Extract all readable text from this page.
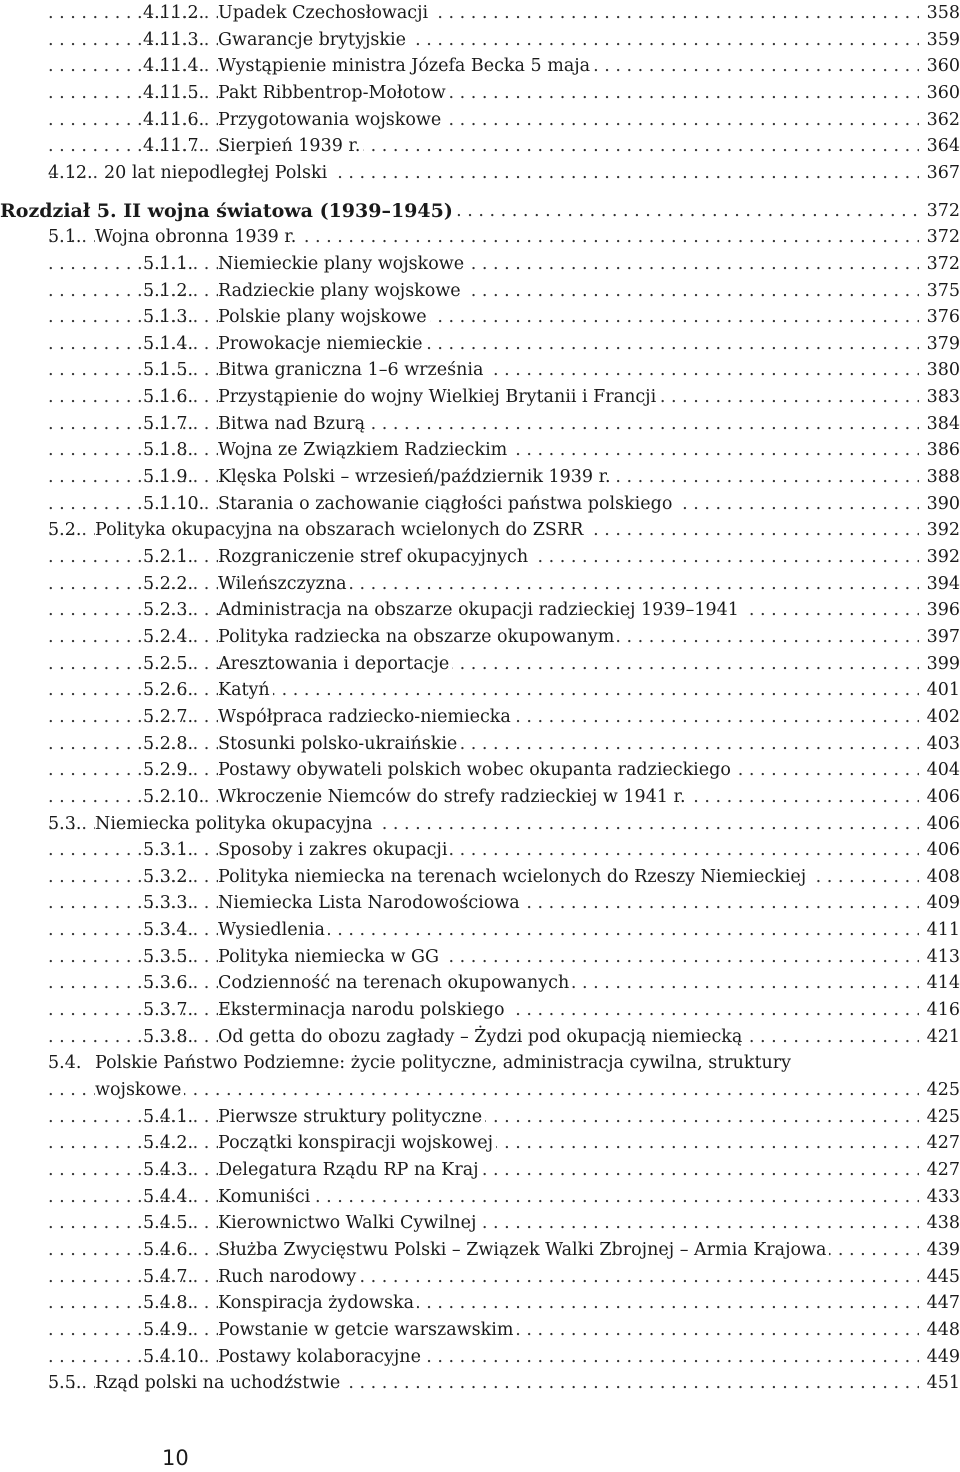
4.11.2. . . . Upadek Czechosłowacji	358
4.11.3. . . . Gwarancje brytyjskie	359
4.11.4. . . . Wystąpienie ministra Józefa Becka 5 maja	360
4.11.5. . . . Pakt Ribbentrop-Mołotow	360
4.11.6. . . . Przygotowania wojskowe	362
4.11.7. . . . Sierpień 1939 r.	364
4.12. . . . 20 lat niepodległej Polski	367
. . .
Rozdział 5. II wojna światowa (1939–1945)	372
5.1. . . . Wojna obronna 1939 r.	372
5.1.1. . . . Niemieckie plany wojskowe	372
5.1.2. . . . Radzieckie plany wojskowe	375
5.1.3. . . . Polskie plany wojskowe	376
5.1.4. . . . Prowokacje niemieckie	379
5.1.5. . . . Bitwa graniczna 1–6 września	380
5.1.6. . . . Przystąpienie do wojny Wielkiej Brytanii i Francji	383
5.1.7. . . . Bitwa nad Bzurą	384
5.1.8. . . . Wojna ze Związkiem Radzieckim	386
5.1.9. . . . Klęska Polski – wrzesień/październik 1939 r.	388
5.1.10. . . . Starania o zachowanie ciągłości państwa polskiego	390
5.2. . . . Polityka okupacyjna na obszarach wcielonych do ZSRR	392
5.2.1. . . . Rozgraniczenie stref okupacyjnych	392
5.2.2. . . . Wileńszczyzna	394
5.2.3. . . . Administracja na obszarze okupacji radzieckiej 1939–1941	396
5.2.4. . . . Polityka radziecka na obszarze okupowanym	397
5.2.5. . . . Aresztowania i deportacje	399
5.2.6. . . . Katyń	401
5.2.7. . . . Współpraca radziecko-niemiecka	402
5.2.8. . . . Stosunki polsko-ukraińskie	403
5.2.9. . . . Postawy obywateli polskich wobec okupanta radzieckiego	404
5.2.10. . . . Wkroczenie Niemców do strefy radzieckiej w 1941 r.	406
5.3. . . . Niemiecka polityka okupacyjna	406
5.3.1. . . . Sposoby i zakres okupacji	406
5.3.2. . . . Polityka niemiecka na terenach wcielonych do Rzeszy Niemieckiej	408
5.3.3. . . . Niemiecka Lista Narodowościowa	409
5.3.4. . . . Wysiedlenia	411
5.3.5. . . . Polityka niemiecka w GG	413
5.3.6. . . . Codzienność na terenach okupowanych	414
5.3.7. . . . Eksterminacja narodu polskiego	416
5.3.8. . . . Od getta do obozu zagłady – Żydzi pod okupacją niemiecką	421
5.4. Polskie Państwo Podziemne: życie polityczne, administracja cywilna, struktury
. . .
wojskowe	425
5.4.1. . . . Pierwsze struktury polityczne	425
5.4.2. . . . Początki konspiracji wojskowej	427
5.4.3. . . . Delegatura Rządu RP na Kraj	427
5.4.4. . . . Komuniści	433
5.4.5. . . . Kierownictwo Walki Cywilnej	438
5.4.6. . . . Służba Zwycięstwu Polski – Związek Walki Zbrojnej – Armia Krajowa	439
5.4.7. . . . Ruch narodowy	445
5.4.8. . . . Konspiracja żydowska	447
5.4.9. . . . Powstanie w getcie warszawskim	448
5.4.10. . . . Postawy kolaboracyjne	449
5.5. . . . Rząd polski na uchodźstwie	451
10
